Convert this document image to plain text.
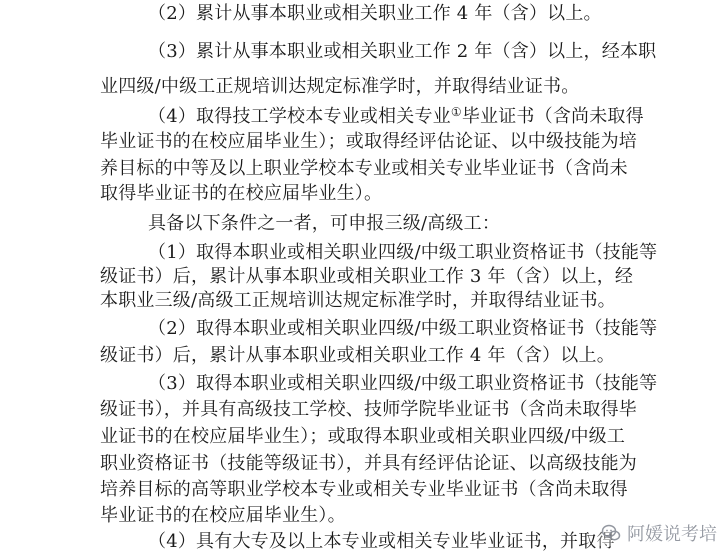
（2）累计从事本职业或相关职业工作 4 年（含）以上。
（3）累计从事本职业或相关职业工作 2 年（含）以上，经本职
业四级/中级工正规培训达规定标准学时，并取得结业证书。
（4）取得技工学校本专业或相关专业①毕业证书（含尚未取得
毕业证书的在校应届毕业生）；或取得经评估论证、以中级技能为培
养目标的中等及以上职业学校本专业或相关专业毕业证书（含尚未
取得毕业证书的在校应届毕业生）。
具备以下条件之一者，可申报三级/高级工：
（1）取得本职业或相关职业四级/中级工职业资格证书（技能等
级证书）后，累计从事本职业或相关职业工作 3 年（含）以上，经
本职业三级/高级工正规培训达规定标准学时，并取得结业证书。
（2）取得本职业或相关职业四级/中级工职业资格证书（技能等
级证书）后，累计从事本职业或相关职业工作 4 年（含）以上。
（3）取得本职业或相关职业四级/中级工职业资格证书（技能等
级证书），并具有高级技工学校、技师学院毕业证书（含尚未取得毕
业证书的在校应届毕业生）；或取得本职业或相关职业四级/中级工
职业资格证书（技能等级证书），并具有经评估论证、以高级技能为
培养目标的高等职业学校本专业或相关专业毕业证书（含尚未取得
毕业证书的在校应届毕业生）。
（4）具有大专及以上本专业或相关专业毕业证书，并取得 阿媛说考培
